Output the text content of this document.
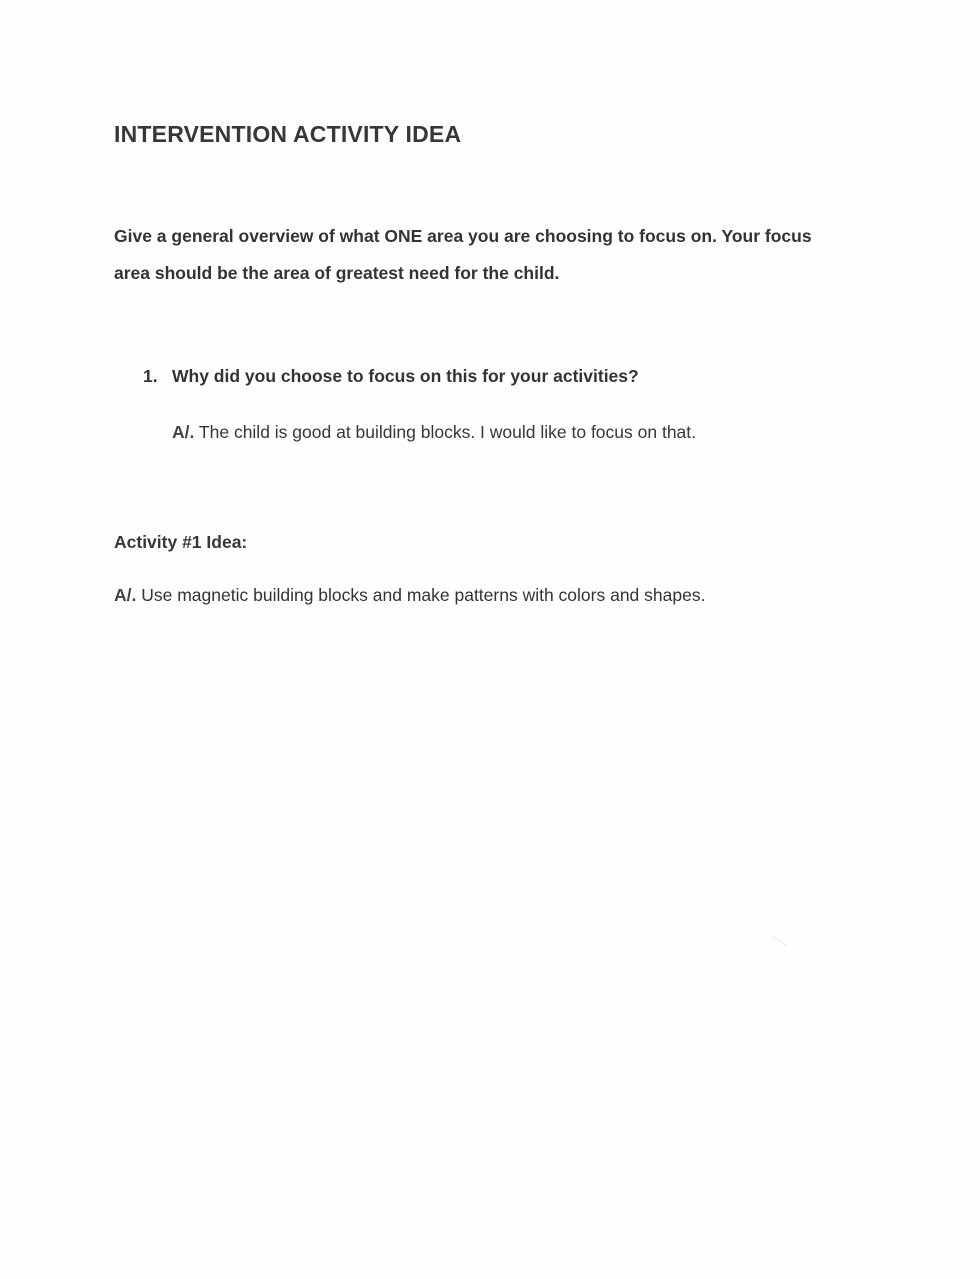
INTERVENTION ACTIVITY IDEA

Give a general overview of what ONE area you are choosing to focus on. Your focus area should be the area of greatest need for the child.

1. Why did you choose to focus on this for your activities?

A/. The child is good at building blocks. I would like to focus on that.

Activity #1 Idea:

A/. Use magnetic building blocks and make patterns with colors and shapes.
